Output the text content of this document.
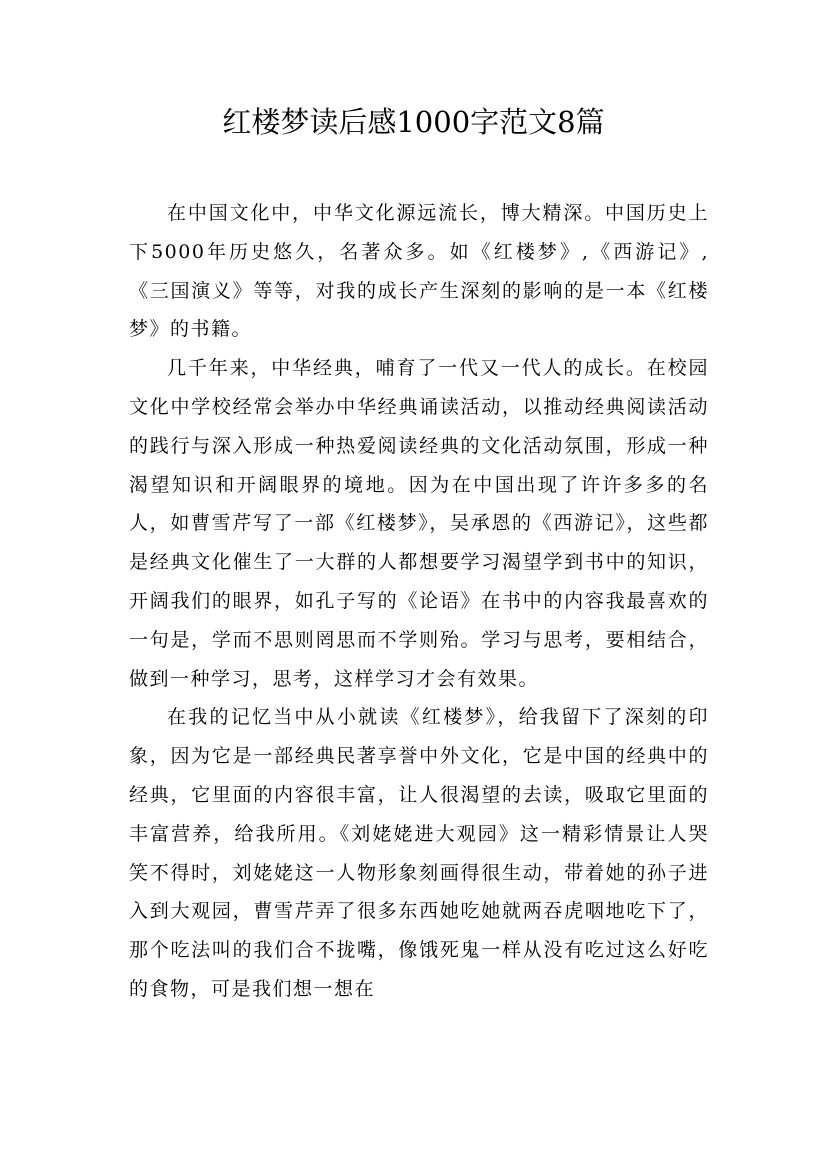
红楼梦读后感1000字范文8篇

在中国文化中，中华文化源远流长，博大精深。中国历史上下5000年历史悠久，名著众多。如《红楼梦》,《西游记》,《三国演义》等等，对我的成长产生深刻的影响的是一本《红楼梦》的书籍。

几千年来，中华经典，哺育了一代又一代人的成长。在校园文化中学校经常会举办中华经典诵读活动，以推动经典阅读活动的践行与深入形成一种热爱阅读经典的文化活动氛围，形成一种渴望知识和开阔眼界的境地。因为在中国出现了许许多多的名人，如曹雪芹写了一部《红楼梦》，吴承恩的《西游记》，这些都是经典文化催生了一大群的人都想要学习渴望学到书中的知识，开阔我们的眼界，如孔子写的《论语》在书中的内容我最喜欢的一句是，学而不思则罔思而不学则殆。学习与思考，要相结合，做到一种学习，思考，这样学习才会有效果。

在我的记忆当中从小就读《红楼梦》，给我留下了深刻的印象，因为它是一部经典民著享誉中外文化，它是中国的经典中的经典，它里面的内容很丰富，让人很渴望的去读，吸取它里面的丰富营养，给我所用。《刘姥姥进大观园》这一精彩情景让人哭笑不得时，刘姥姥这一人物形象刻画得很生动，带着她的孙子进入到大观园，曹雪芹弄了很多东西她吃她就两吞虎咽地吃下了，那个吃法叫的我们合不拢嘴，像饿死鬼一样从没有吃过这么好吃的食物，可是我们想一想在
